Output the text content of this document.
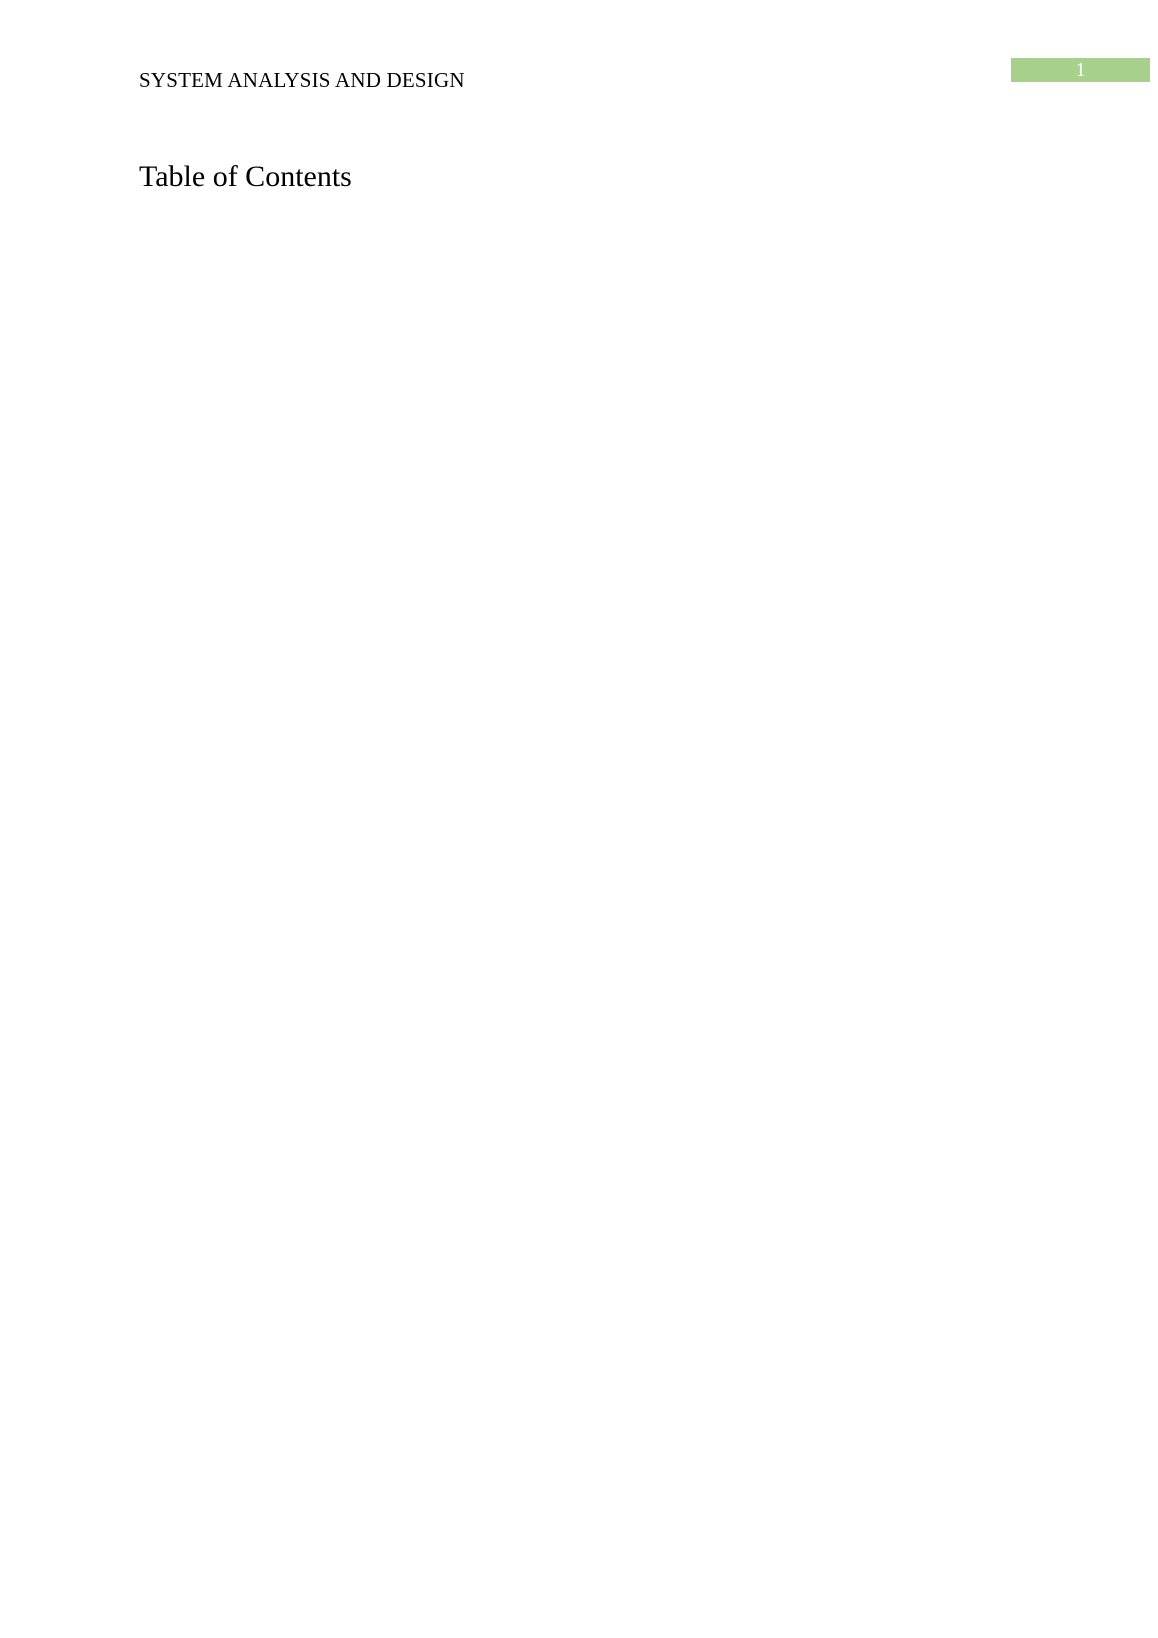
SYSTEM ANALYSIS AND DESIGN	1
Table of Contents
